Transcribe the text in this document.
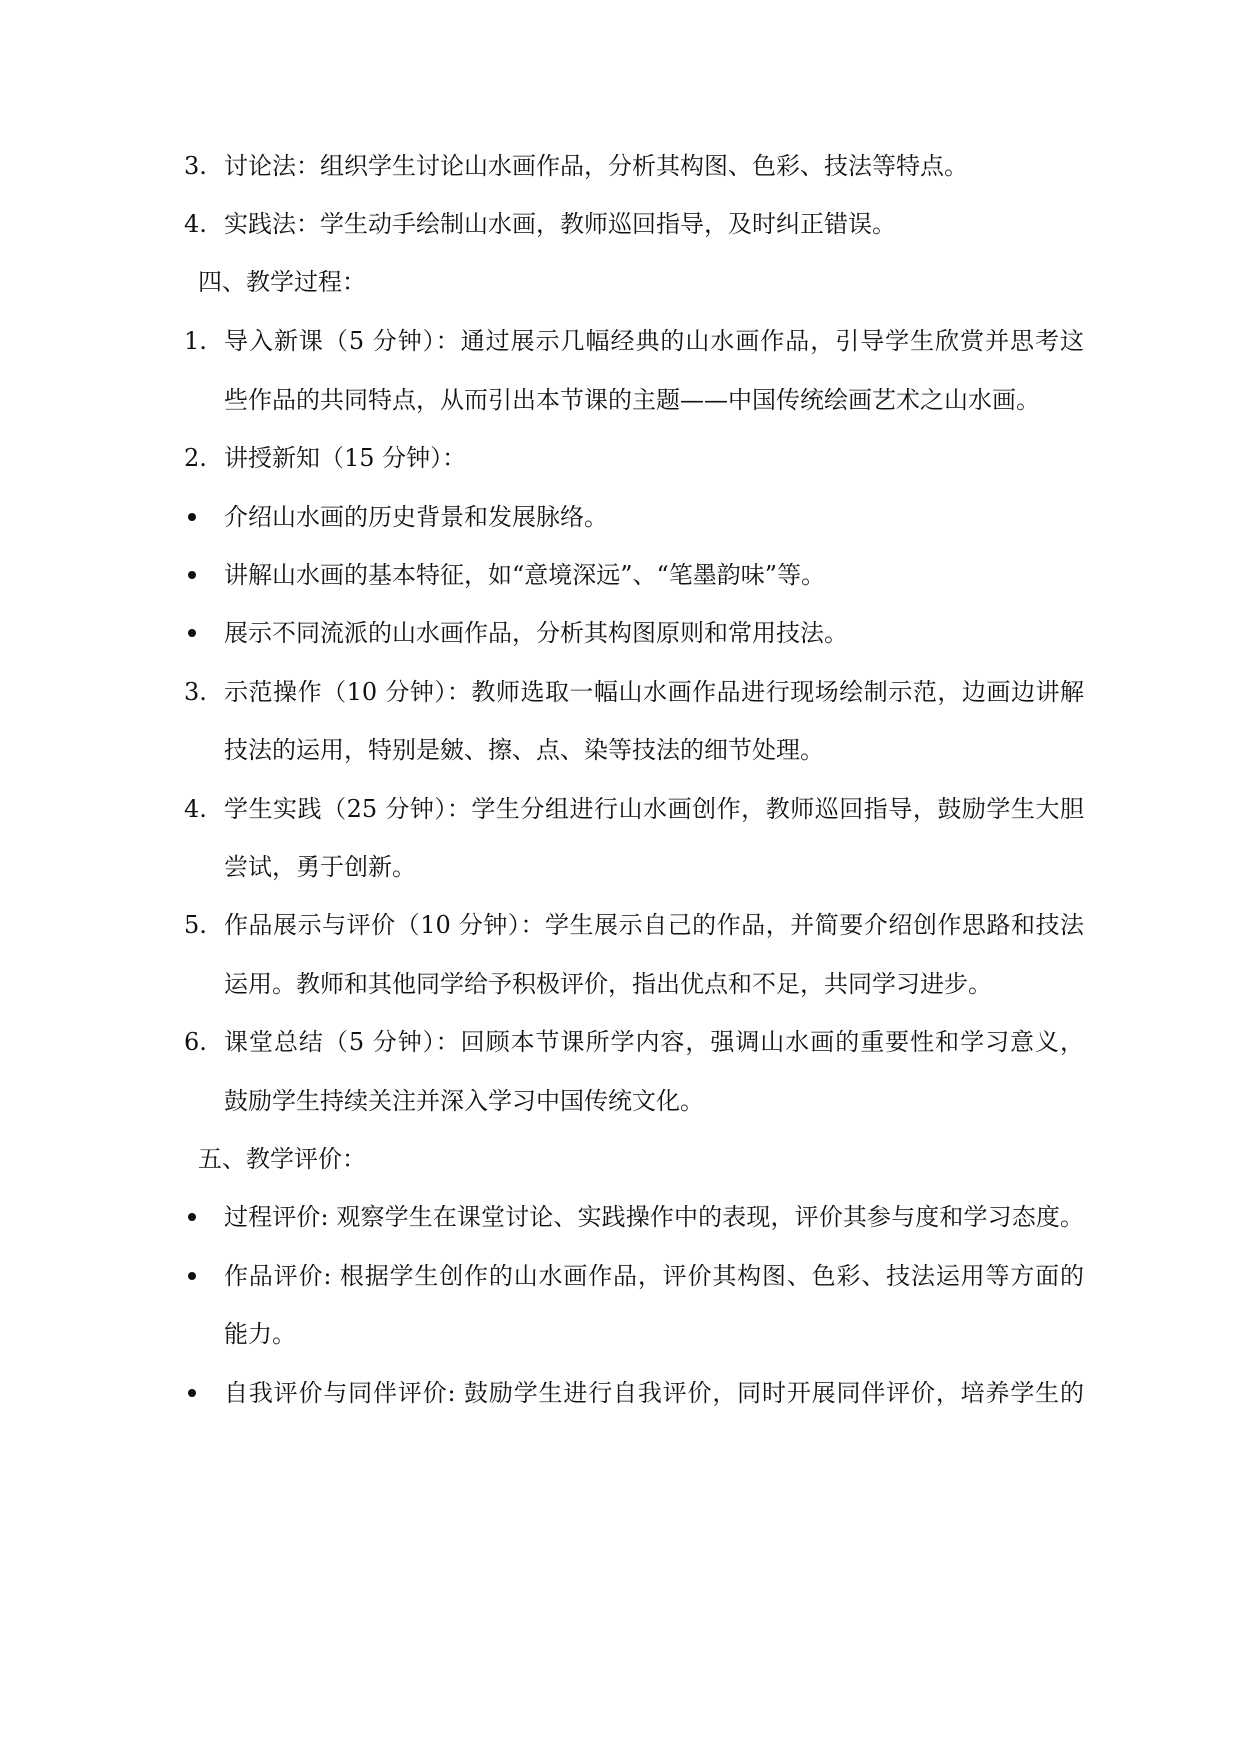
3. 讨论法：组织学生讨论山水画作品，分析其构图、色彩、技法等特点。
4. 实践法：学生动手绘制山水画，教师巡回指导，及时纠正错误。
四、教学过程：
1. 导入新课（5 分钟）：通过展示几幅经典的山水画作品，引导学生欣赏并思考这
些作品的共同特点，从而引出本节课的主题——中国传统绘画艺术之山水画。
2. 讲授新知（15 分钟）：
介绍山水画的历史背景和发展脉络。
讲解山水画的基本特征，如“意境深远”、“笔墨韵味”等。
展示不同流派的山水画作品，分析其构图原则和常用技法。
3. 示范操作（10 分钟）：教师选取一幅山水画作品进行现场绘制示范，边画边讲解
技法的运用，特别是皴、擦、点、染等技法的细节处理。
4. 学生实践（25 分钟）：学生分组进行山水画创作，教师巡回指导，鼓励学生大胆
尝试，勇于创新。
5. 作品展示与评价（10 分钟）：学生展示自己的作品，并简要介绍创作思路和技法
运用。教师和其他同学给予积极评价，指出优点和不足，共同学习进步。
6. 课堂总结（5 分钟）：回顾本节课所学内容，强调山水画的重要性和学习意义，
鼓励学生持续关注并深入学习中国传统文化。
五、教学评价：
过程评价: 观察学生在课堂讨论、实践操作中的表现，评价其参与度和学习态度。
作品评价: 根据学生创作的山水画作品，评价其构图、色彩、技法运用等方面的
能力。
自我评价与同伴评价: 鼓励学生进行自我评价，同时开展同伴评价，培养学生的
